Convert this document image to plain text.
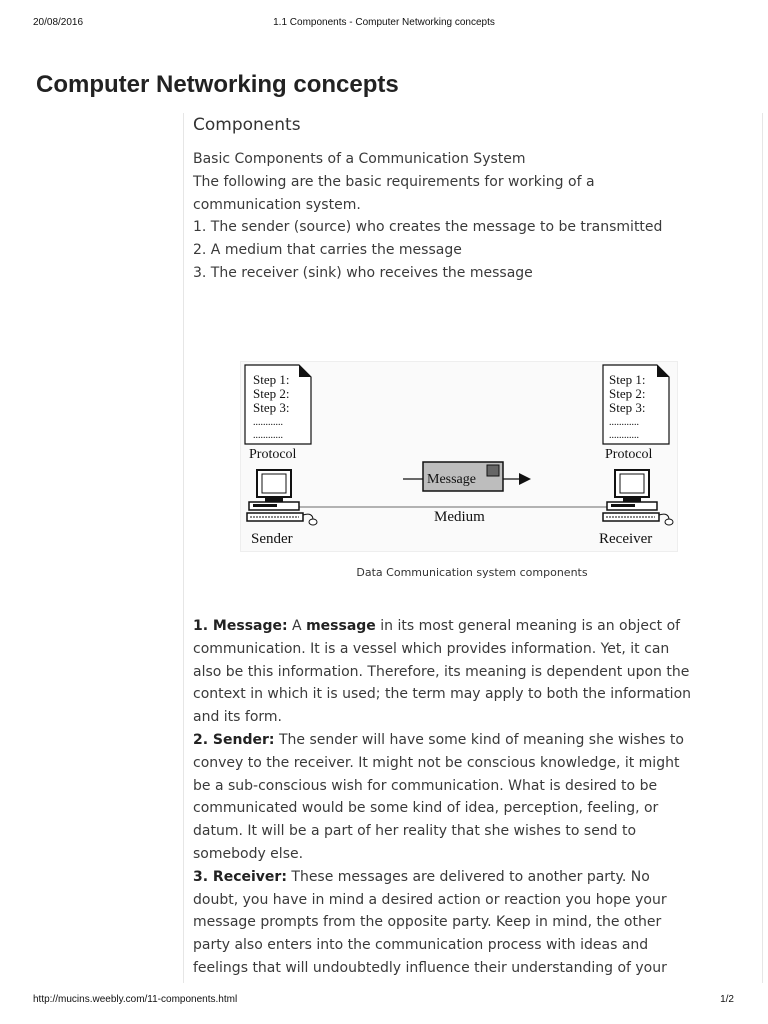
20/08/2016	1.1 Components - Computer Networking concepts
Computer Networking concepts
Components
Basic Components of a Communication System
The following are the basic requirements for working of a
communication system.
1. The sender (source) who creates the message to be transmitted
2. A medium that carries the message
3. The receiver (sink) who receives the message
Step 1:
Step 2:
Step 3:
............
............
Protocol
Step 1:
Step 2:
Step 3:
............
............
Protocol
Message
Medium
Sender	Receiver
Data Communication system components
1. Message: A message in its most general meaning is an object of
communication. It is a vessel which provides information. Yet, it can
also be this information. Therefore, its meaning is dependent upon the
context in which it is used; the term may apply to both the information
and its form.
2. Sender: The sender will have some kind of meaning she wishes to
convey to the receiver. It might not be conscious knowledge, it might
be a sub-conscious wish for communication. What is desired to be
communicated would be some kind of idea, perception, feeling, or
datum. It will be a part of her reality that she wishes to send to
somebody else.
3. Receiver: These messages are delivered to another party. No
doubt, you have in mind a desired action or reaction you hope your
message prompts from the opposite party. Keep in mind, the other
party also enters into the communication process with ideas and
feelings that will undoubtedly influence their understanding of your
http://mucins.weebly.com/11-components.html	1/2
